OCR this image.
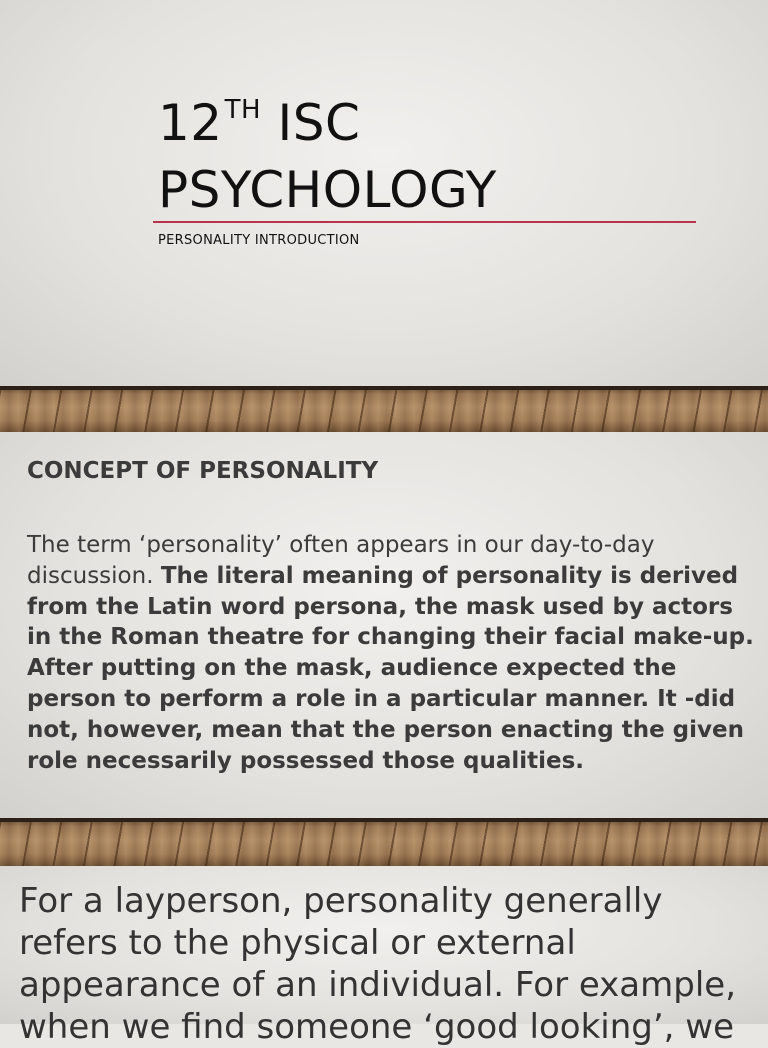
12TH ISC
PSYCHOLOGY
PERSONALITY INTRODUCTION
CONCEPT OF PERSONALITY

The term ‘personality’ often appears in our day-to-day discussion. The literal meaning of personality is derived from the Latin word persona, the mask used by actors in the Roman theatre for changing their facial make-up. After putting on the mask, audience expected the person to perform a role in a particular manner. It -did not, however, mean that the person enacting the given role necessarily possessed those qualities.

For a layperson, personality generally refers to the physical or external appearance of an individual. For example, when we find someone ‘good looking’, we
